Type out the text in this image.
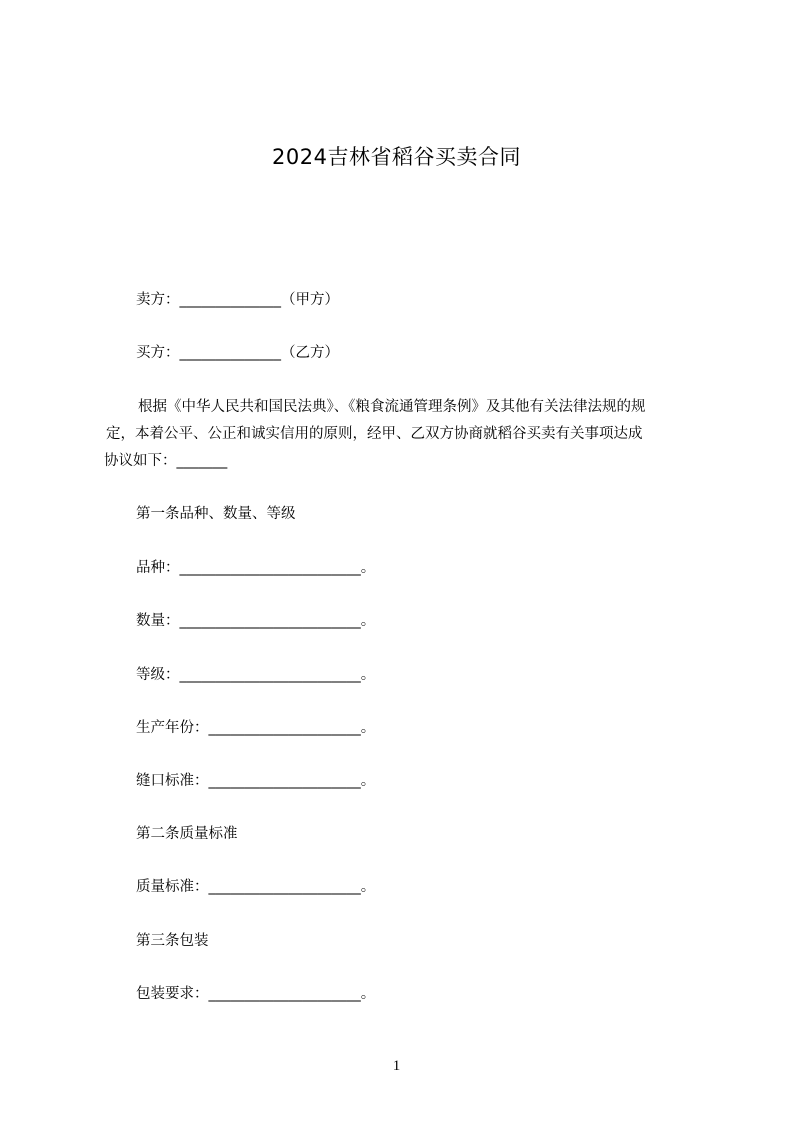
2024吉林省稻谷买卖合同
卖方：______________（甲方）
买方：______________（乙方）
根据《中华人民共和国民法典》、《粮食流通管理条例》及其他有关法律法规的规
定，本着公平、公正和诚实信用的原则，经甲、乙双方协商就稻谷买卖有关事项达成
协议如下：_______
第一条品种、数量、等级
品种：_________________________。
数量：_________________________。
等级：_________________________。
生产年份：_____________________。
缝口标准：_____________________。
第二条质量标准
质量标准：_____________________。
第三条包装
包装要求：_____________________。
1
